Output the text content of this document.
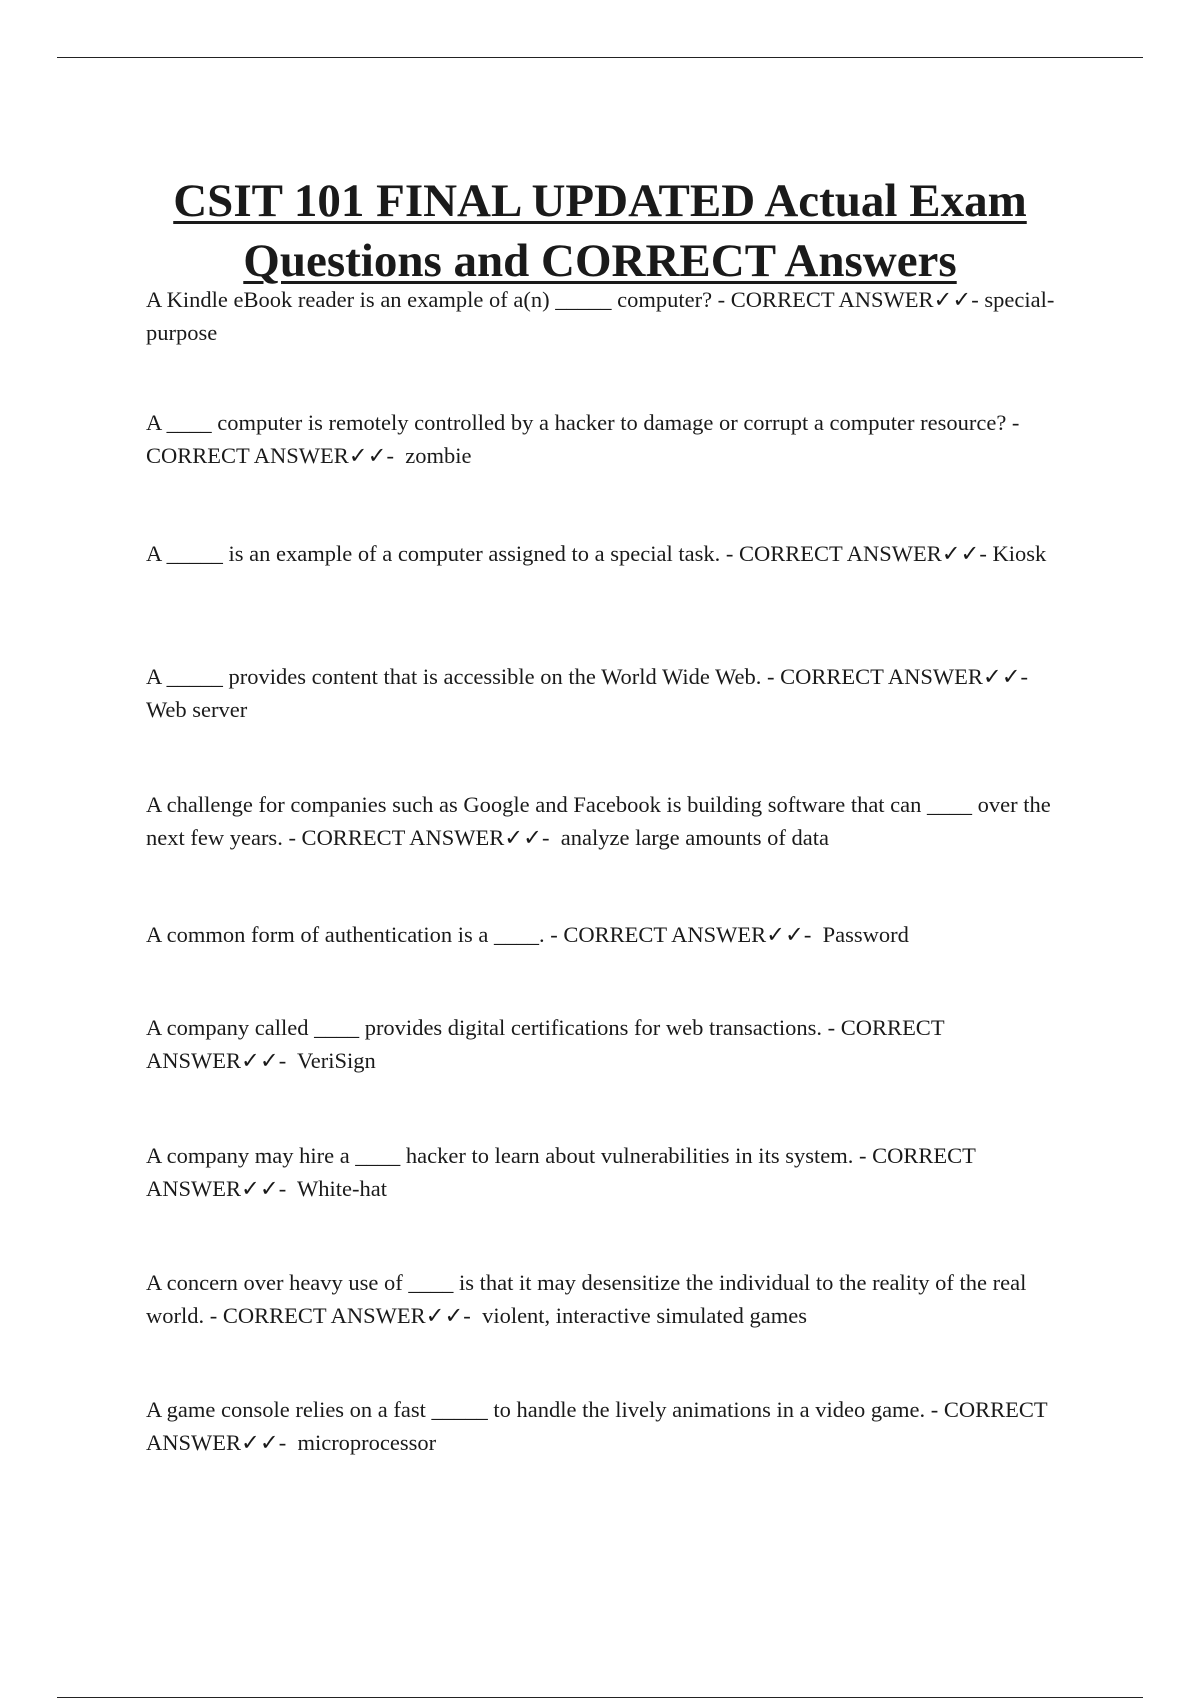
CSIT 101 FINAL UPDATED Actual Exam
Questions and CORRECT Answers

A Kindle eBook reader is an example of a(n) _____ computer? - CORRECT ANSWER✓✓- special-purpose

A ____ computer is remotely controlled by a hacker to damage or corrupt a computer resource? - CORRECT ANSWER✓✓-  zombie

A _____ is an example of a computer assigned to a special task. - CORRECT ANSWER✓✓- Kiosk

A _____ provides content that is accessible on the World Wide Web. - CORRECT ANSWER✓✓-  Web server

A challenge for companies such as Google and Facebook is building software that can ____ over the next few years. - CORRECT ANSWER✓✓-  analyze large amounts of data

A common form of authentication is a ____. - CORRECT ANSWER✓✓-  Password

A company called ____ provides digital certifications for web transactions. - CORRECT ANSWER✓✓-  VeriSign

A company may hire a ____ hacker to learn about vulnerabilities in its system. - CORRECT ANSWER✓✓-  White-hat

A concern over heavy use of ____ is that it may desensitize the individual to the reality of the real world. - CORRECT ANSWER✓✓-  violent, interactive simulated games

A game console relies on a fast _____ to handle the lively animations in a video game. - CORRECT ANSWER✓✓-  microprocessor
